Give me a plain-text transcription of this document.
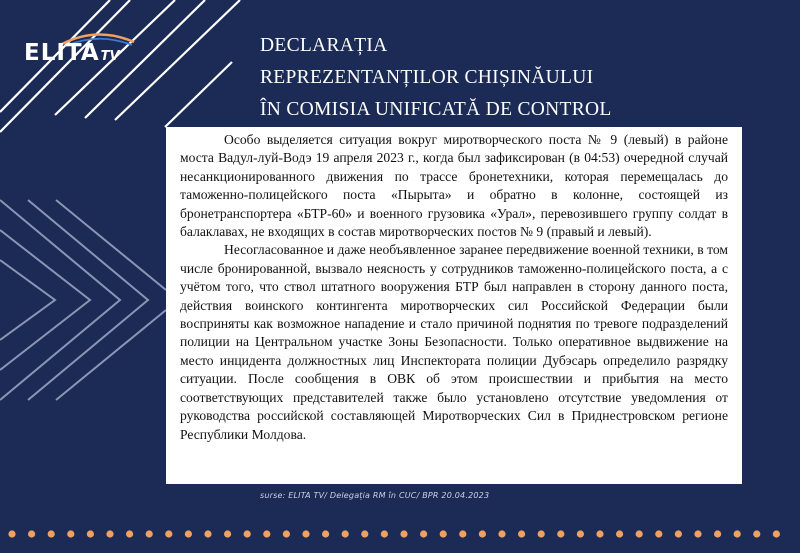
ELITATV
DECLARAȚIA
REPREZENTANȚILOR CHIȘINĂULUI
ÎN COMISIA UNIFICATĂ DE CONTROL

Особо выделяется ситуация вокруг миротворческого поста № 9 (левый) в районе моста Вадул-луй-Водэ 19 апреля 2023 г., когда был зафиксирован (в 04:53) очередной случай несанкционированного движения по трассе бронетехники, которая перемещалась до таможенно-полицейского поста «Пырыта» и обратно в колонне, состоящей из бронетранспортера «БТР-60» и военного грузовика «Урал», перевозившего группу солдат в балаклавах, не входящих в состав миротворческих постов № 9 (правый и левый).

Несогласованное и даже необъявленное заранее передвижение военной техники, в том числе бронированной, вызвало неясность у сотрудников таможенно-полицейского поста, а с учётом того, что ствол штатного вооружения БТР был направлен в сторону данного поста, действия воинского контингента миротворческих сил Российской Федерации были восприняты как возможное нападение и стало причиной поднятия по тревоге подразделений полиции на Центральном участке Зоны Безопасности. Только оперативное выдвижение на место инцидента должностных лиц Инспектората полиции Дубэсарь определило разрядку ситуации. После сообщения в ОВК об этом происшествии и прибытия на место соответствующих представителей также было установлено отсутствие уведомления от руководства российской составляющей Миротворческих Сил в Приднестровском регионе Республики Молдова.

surse: ELITA TV/ Delegația RM în CUC/ BPR 20.04.2023
